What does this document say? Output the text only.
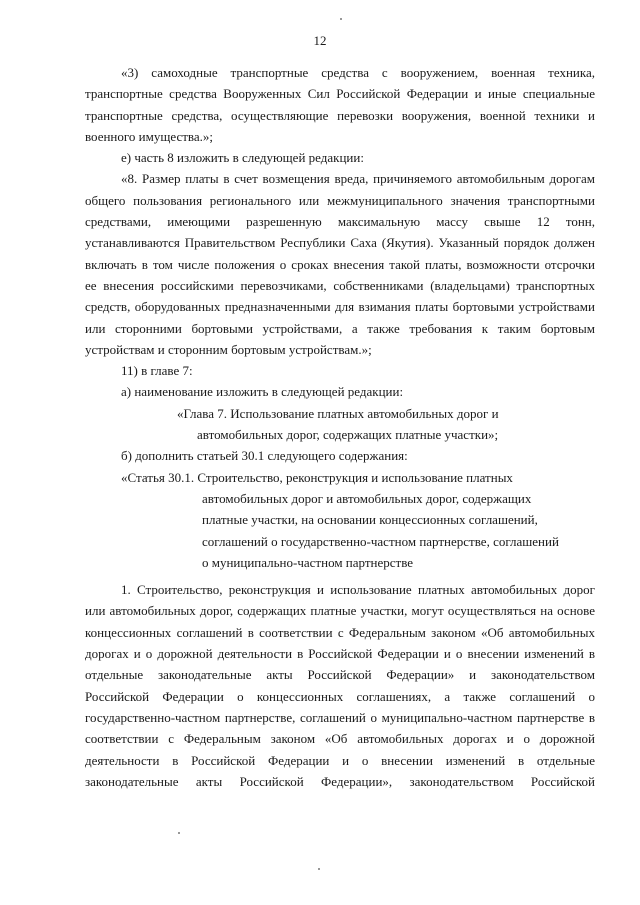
12

«3) самоходные транспортные средства с вооружением, военная техника,

транспортные средства Вооруженных Сил Российской Федерации и иные специальные

транспортные средства, осуществляющие перевозки вооружения, военной техники и

военного имущества.»;

е) часть 8 изложить в следующей редакции:

«8. Размер платы в счет возмещения вреда, причиняемого автомобильным дорогам

общего пользования регионального или межмуниципального значения транспортными

средствами, имеющими разрешенную максимальную массу свыше 12 тонн,

устанавливаются Правительством Республики Саха (Якутия). Указанный порядок должен

включать в том числе положения о сроках внесения такой платы, возможности отсрочки

ее внесения российскими перевозчиками, собственниками (владельцами) транспортных

средств, оборудованных предназначенными для взимания платы бортовыми устройствами

или сторонними бортовыми устройствами, а также требования к таким бортовым

устройствам и сторонним бортовым устройствам.»;

11) в главе 7:

а) наименование изложить в следующей редакции:

«Глава 7. Использование платных автомобильных дорог и

автомобильных дорог, содержащих платные участки»;

б) дополнить статьей 30.1 следующего содержания:

«Статья 30.1. Строительство, реконструкция и использование платных

автомобильных дорог и автомобильных дорог, содержащих

платные участки, на основании концессионных соглашений,

соглашений о государственно-частном партнерстве, соглашений

о муниципально-частном партнерстве

1. Строительство, реконструкция и использование платных автомобильных дорог

или автомобильных дорог, содержащих платные участки, могут осуществляться на основе

концессионных соглашений в соответствии с Федеральным законом «Об автомобильных

дорогах и о дорожной деятельности в Российской Федерации и о внесении изменений в

отдельные законодательные акты Российской Федерации» и законодательством

Российской Федерации о концессионных соглашениях, а также соглашений о

государственно-частном партнерстве, соглашений о муниципально-частном партнерстве в

соответствии с Федеральным законом «Об автомобильных дорогах и о дорожной

деятельности в Российской Федерации и о внесении изменений в отдельные

законодательные акты Российской Федерации», законодательством Российской
